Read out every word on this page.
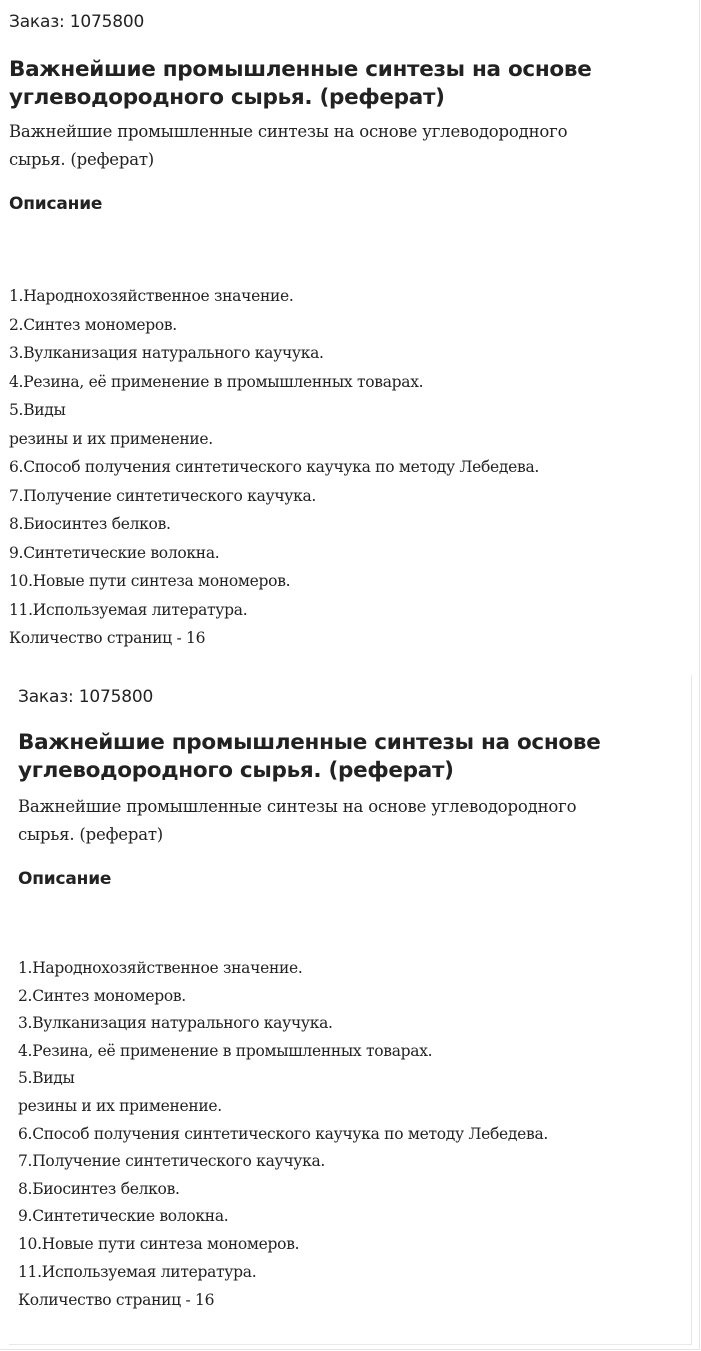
Заказ: 1075800

Важнейшие промышленные синтезы на основе
углеводородного сырья. (реферат)

Важнейшие промышленные синтезы на основе углеводородного
сырья. (реферат)

Описание
1.Народнохозяйственное значение.
2.Синтез мономеров.
3.Вулканизация натурального каучука.
4.Резина, её применение в промышленных товарах.
5.Виды
резины и их применение.
6.Способ получения синтетического каучука по методу Лебедева.
7.Получение синтетического каучука.
8.Биосинтез белков.
9.Синтетические волокна.
10.Новые пути синтеза мономеров.
11.Используемая литература.

Количество страниц - 16

Заказ: 1075800

Важнейшие промышленные синтезы на основе
углеводородного сырья. (реферат)

Важнейшие промышленные синтезы на основе углеводородного
сырья. (реферат)

Описание
1.Народнохозяйственное значение.
2.Синтез мономеров.
3.Вулканизация натурального каучука.
4.Резина, её применение в промышленных товарах.
5.Виды
резины и их применение.
6.Способ получения синтетического каучука по методу Лебедева.
7.Получение синтетического каучука.
8.Биосинтез белков.
9.Синтетические волокна.
10.Новые пути синтеза мономеров.
11.Используемая литература.

Количество страниц - 16
